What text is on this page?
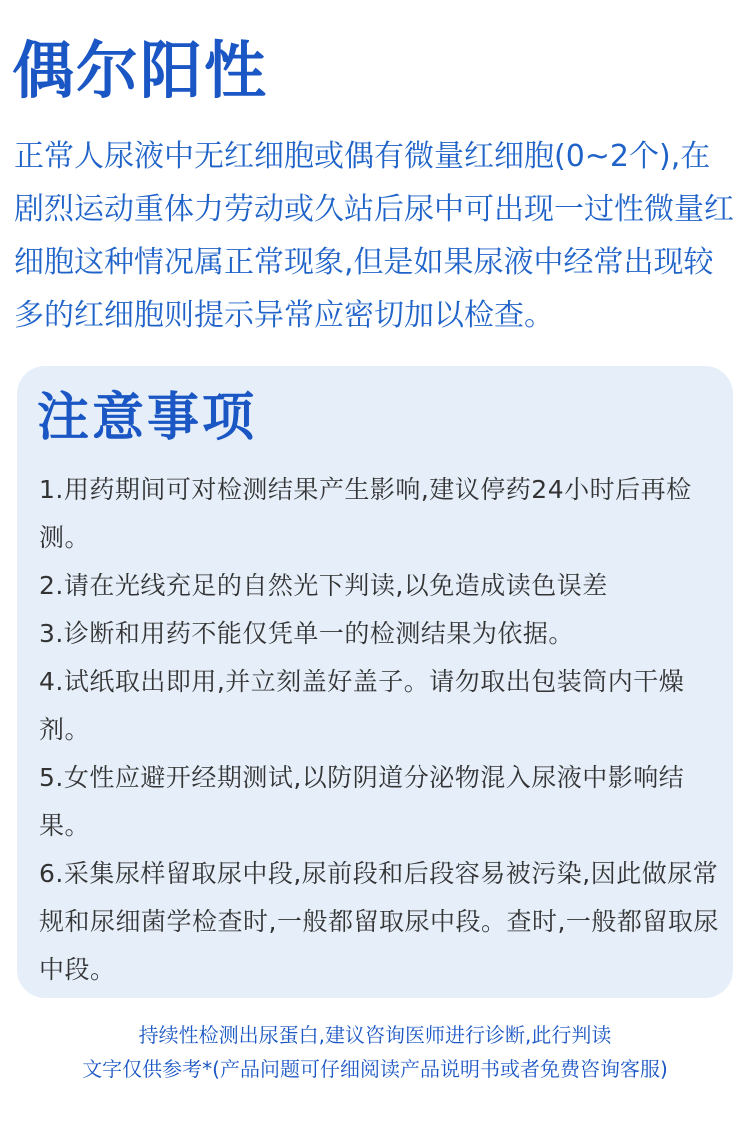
偶尔阳性

正常人尿液中无红细胞或偶有微量红细胞(0~2个),在剧烈运动重体力劳动或久站后尿中可出现一过性微量红细胞这种情况属正常现象,但是如果尿液中经常出现较多的红细胞则提示异常应密切加以检查。

注意事项
1.用药期间可对检测结果产生影响,建议停药24小时后再检测。
2.请在光线充足的自然光下判读,以免造成读色误差
3.诊断和用药不能仅凭单一的检测结果为依据。
4.试纸取出即用,并立刻盖好盖子。请勿取出包装筒内干燥剂。
5.女性应避开经期测试,以防阴道分泌物混入尿液中影响结果。
6.采集尿样留取尿中段,尿前段和后段容易被污染,因此做尿常规和尿细菌学检查时,一般都留取尿中段。查时,一般都留取尿中段。
持续性检测出尿蛋白,建议咨询医师进行诊断,此行判读
文字仅供参考*(产品问题可仔细阅读产品说明书或者免费咨询客服)
